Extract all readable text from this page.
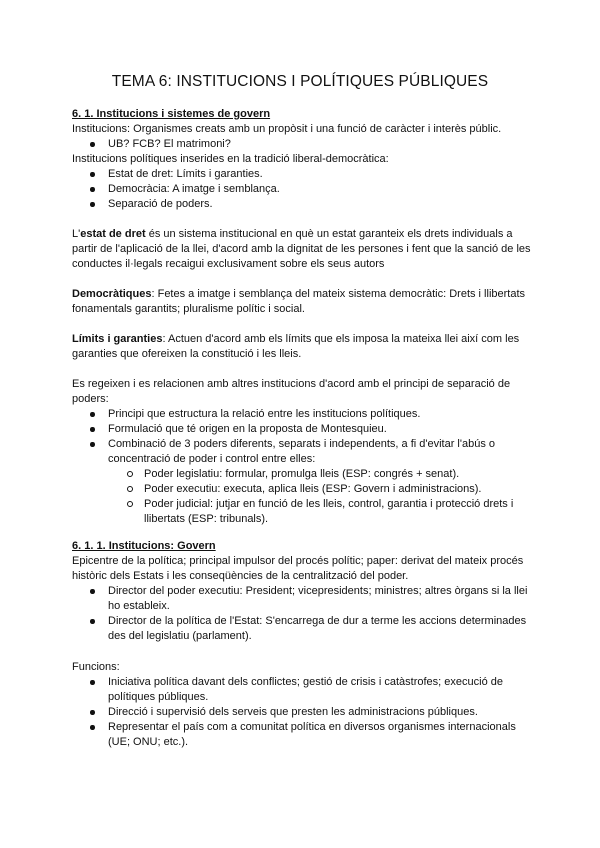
TEMA 6: INSTITUCIONS I POLÍTIQUES PÚBLIQUES

6. 1. Institucions i sistemes de govern

Institucions: Organismes creats amb un propòsit i una funció de caràcter i interès públic.

UB? FCB? El matrimoni?

Institucions polítiques inserides en la tradició liberal-democràtica:

Estat de dret: Límits i garanties.
Democràcia: A imatge i semblança.
Separació de poders.

L'estat de dret és un sistema institucional en què un estat garanteix els drets individuals a partir de l'aplicació de la llei, d'acord amb la dignitat de les persones i fent que la sanció de les conductes il·legals recaigui exclusivament sobre els seus autors

Democràtiques: Fetes a imatge i semblança del mateix sistema democràtic: Drets i llibertats fonamentals garantits; pluralisme polític i social.

Límits i garanties: Actuen d'acord amb els límits que els imposa la mateixa llei així com les garanties que ofereixen la constitució i les lleis.

Es regeixen i es relacionen amb altres institucions d'acord amb el principi de separació de poders:

Principi que estructura la relació entre les institucions polítiques.
Formulació que té origen en la proposta de Montesquieu.
Combinació de 3 poders diferents, separats i independents, a fi d'evitar l'abús o concentració de poder i control entre elles:
Poder legislatiu: formular, promulga lleis (ESP: congrés + senat).
Poder executiu: executa, aplica lleis (ESP: Govern i administracions).
Poder judicial: jutjar en funció de les lleis, control, garantia i protecció drets i llibertats (ESP: tribunals).

6. 1. 1. Institucions: Govern

Epicentre de la política; principal impulsor del procés polític; paper: derivat del mateix procés històric dels Estats i les conseqüències de la centralització del poder.

Director del poder executiu: President; vicepresidents; ministres; altres òrgans si la llei ho estableix.
Director de la política de l'Estat: S'encarrega de dur a terme les accions determinades des del legislatiu (parlament).

Funcions:

Iniciativa política davant dels conflictes; gestió de crisis i catàstrofes; execució de polítiques públiques.
Direcció i supervisió dels serveis que presten les administracions públiques.
Representar el país com a comunitat política en diversos organismes internacionals (UE; ONU; etc.).
